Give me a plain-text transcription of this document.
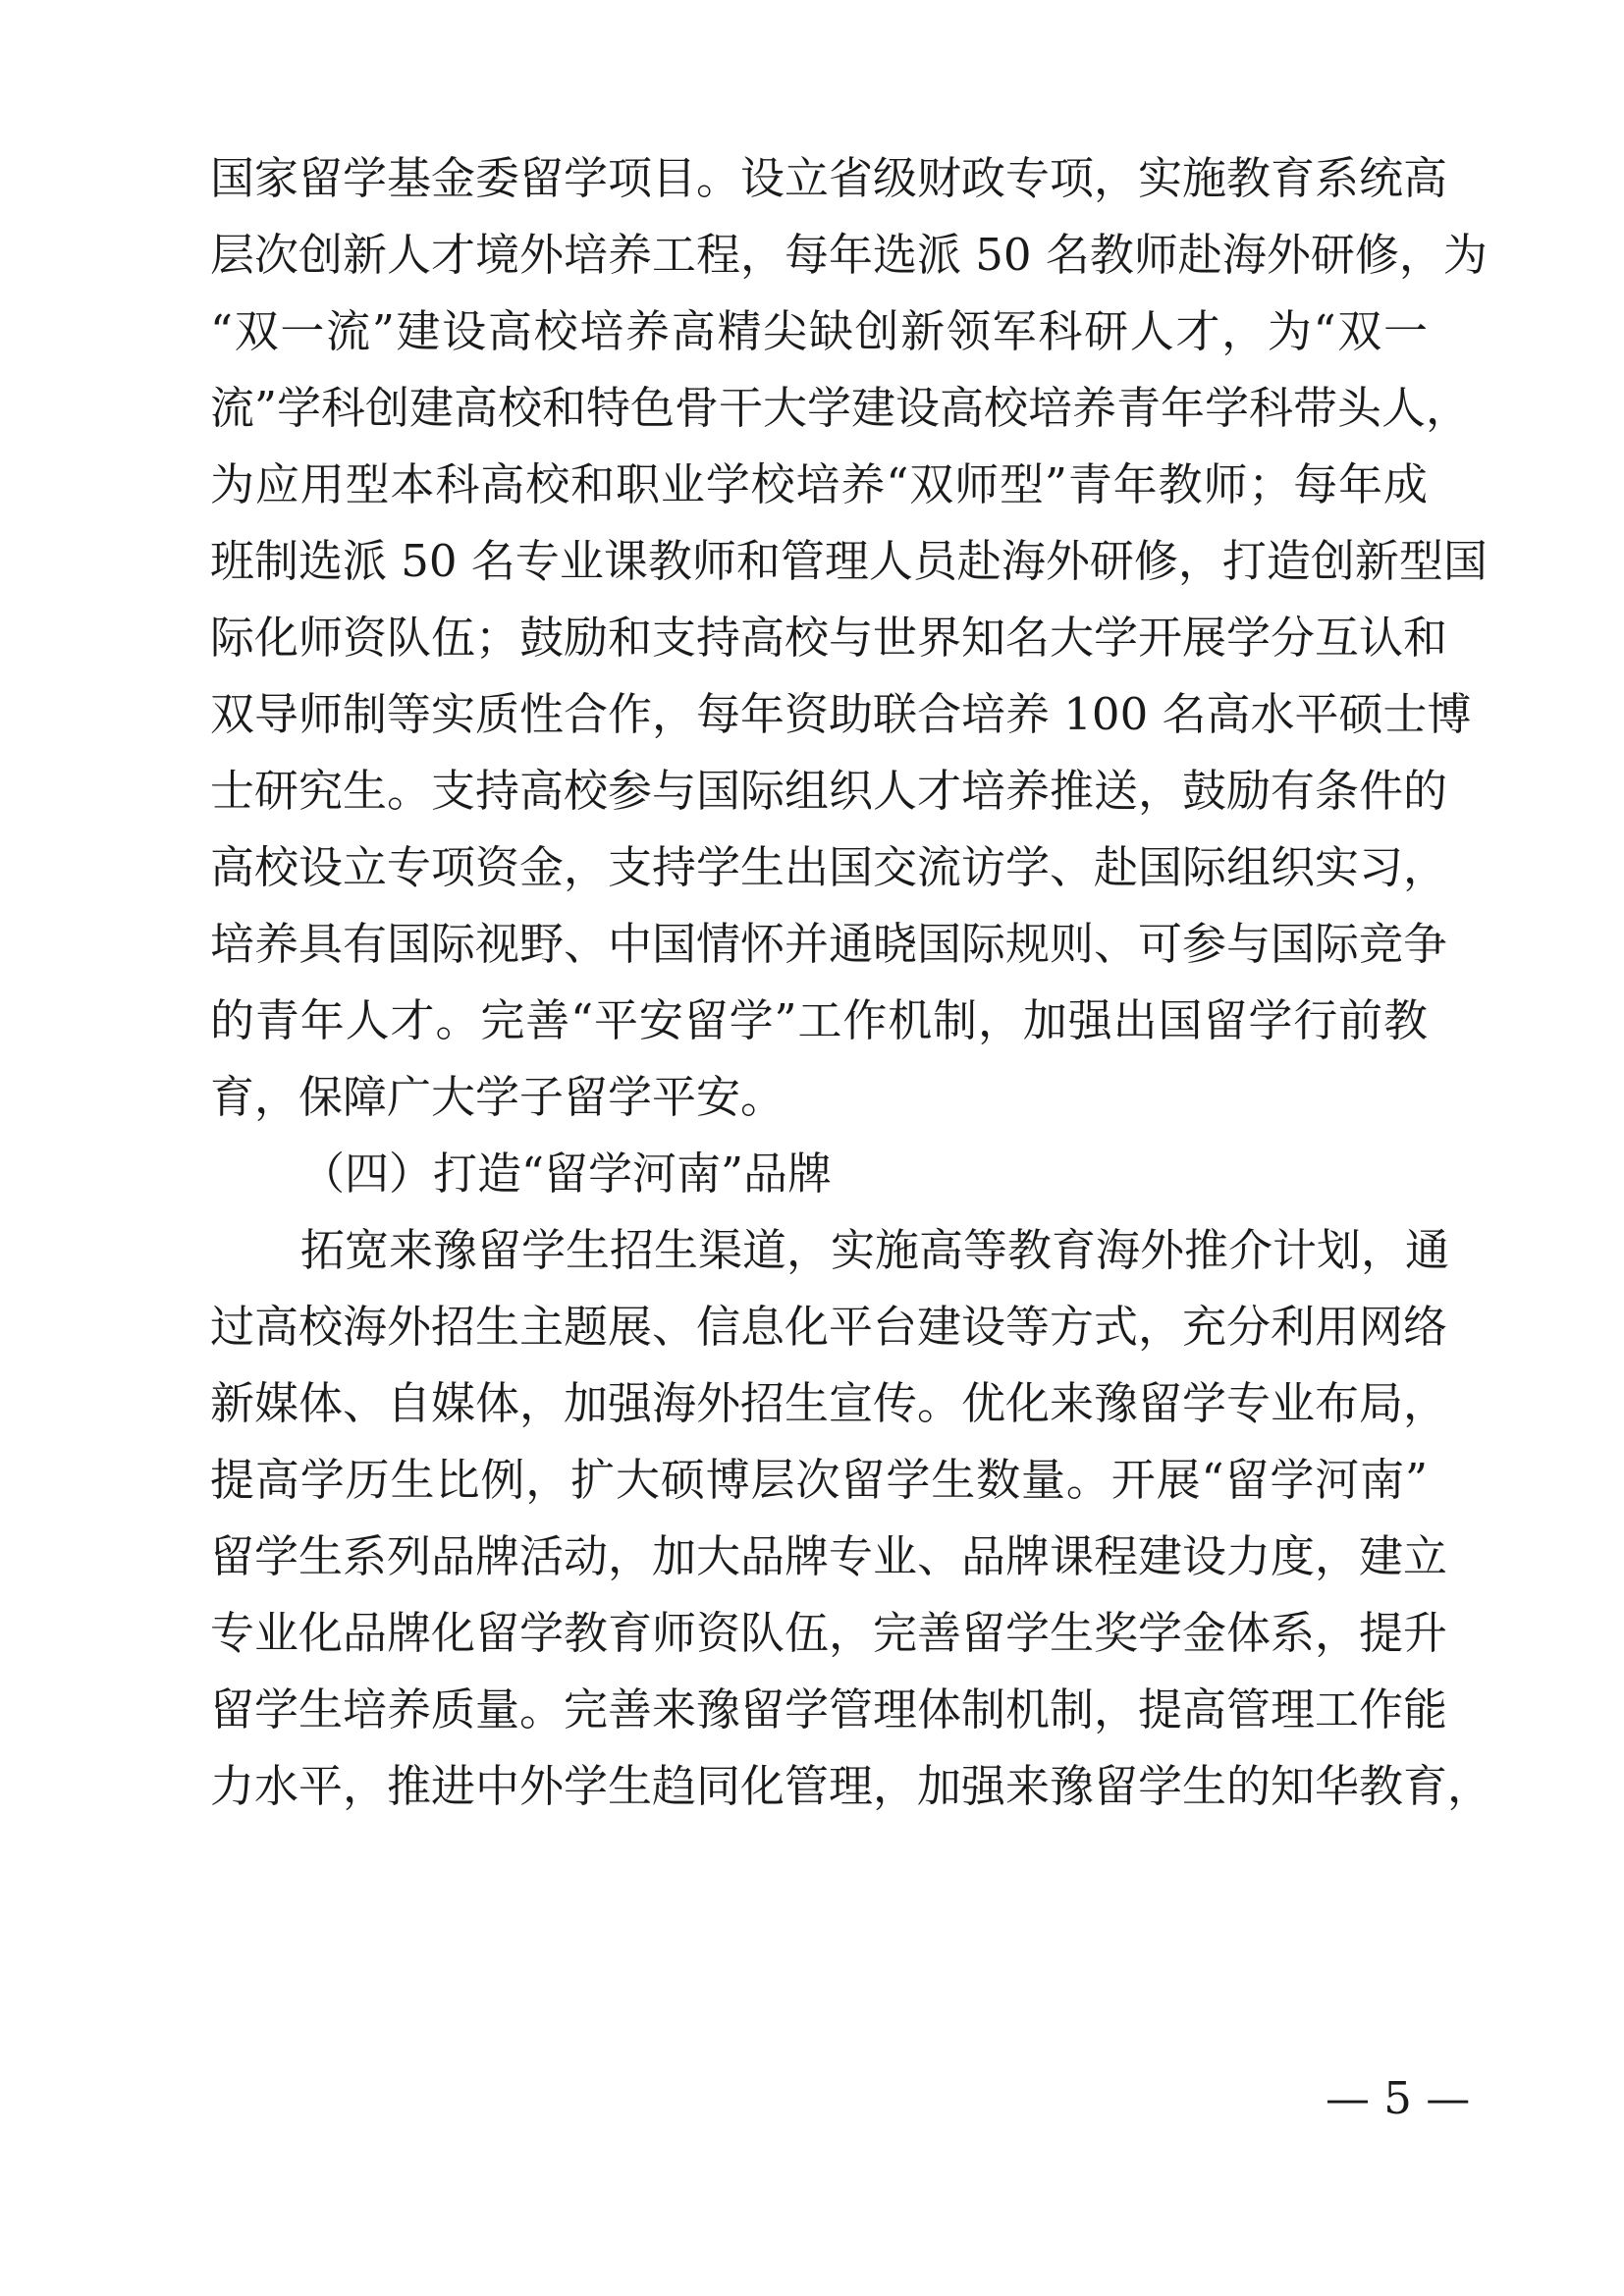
国家留学基金委留学项目。设立省级财政专项，实施教育系统高
层次创新人才境外培养工程，每年选派 50 名教师赴海外研修，为
“双一流”建设高校培养高精尖缺创新领军科研人才，为“双一
流”学科创建高校和特色骨干大学建设高校培养青年学科带头人，
为应用型本科高校和职业学校培养“双师型”青年教师；每年成
班制选派 50 名专业课教师和管理人员赴海外研修，打造创新型国
际化师资队伍；鼓励和支持高校与世界知名大学开展学分互认和
双导师制等实质性合作，每年资助联合培养 100 名高水平硕士博
士研究生。支持高校参与国际组织人才培养推送，鼓励有条件的
高校设立专项资金，支持学生出国交流访学、赴国际组织实习，
培养具有国际视野、中国情怀并通晓国际规则、可参与国际竞争
的青年人才。完善“平安留学”工作机制，加强出国留学行前教
育，保障广大学子留学平安。
（四）打造“留学河南”品牌
拓宽来豫留学生招生渠道，实施高等教育海外推介计划，通
过高校海外招生主题展、信息化平台建设等方式，充分利用网络
新媒体、自媒体，加强海外招生宣传。优化来豫留学专业布局，
提高学历生比例，扩大硕博层次留学生数量。开展“留学河南”
留学生系列品牌活动，加大品牌专业、品牌课程建设力度，建立
专业化品牌化留学教育师资队伍，完善留学生奖学金体系，提升
留学生培养质量。完善来豫留学管理体制机制，提高管理工作能
力水平，推进中外学生趋同化管理，加强来豫留学生的知华教育，
— 5 —
